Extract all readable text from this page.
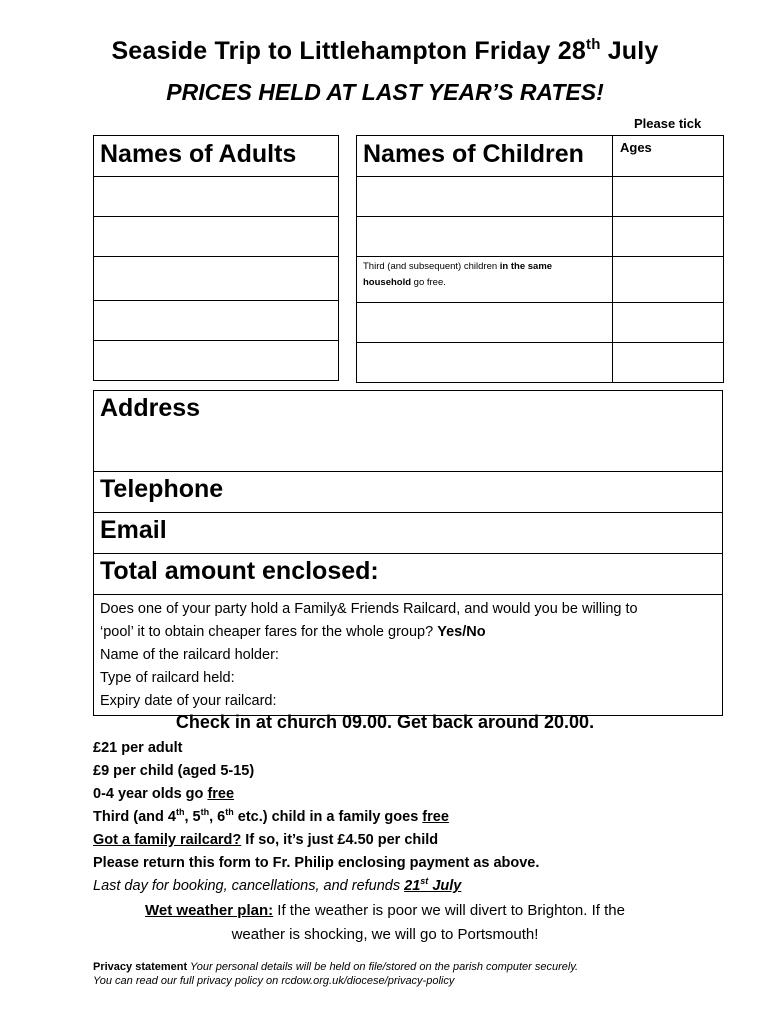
Seaside Trip to Littlehampton Friday 28th July
PRICES HELD AT LAST YEAR’S RATES!
Please tick
Names of Adults	Names of Children	Ages

Third (and subsequent) children in the same
household go free.	

Address
Telephone
Email
Total amount enclosed:

Does one of your party hold a Family& Friends Railcard, and would you be willing to
‘pool’ it to obtain cheaper fares for the whole group? Yes/No
Name of the railcard holder:
Type of railcard held:
Expiry date of your railcard:
Check in at church 09.00. Get back around 20.00.
£21 per adult
£9 per child (aged 5-15)
0-4 year olds go free
Third (and 4th, 5th, 6th etc.) child in a family goes free
Got a family railcard? If so, it’s just £4.50 per child
Please return this form to Fr. Philip enclosing payment as above.
Last day for booking, cancellations, and refunds 21st July
Wet weather plan: If the weather is poor we will divert to Brighton. If the
weather is shocking, we will go to Portsmouth!
Privacy statement Your personal details will be held on file/stored on the parish computer securely.
You can read our full privacy policy on rcdow.org.uk/diocese/privacy-policy
